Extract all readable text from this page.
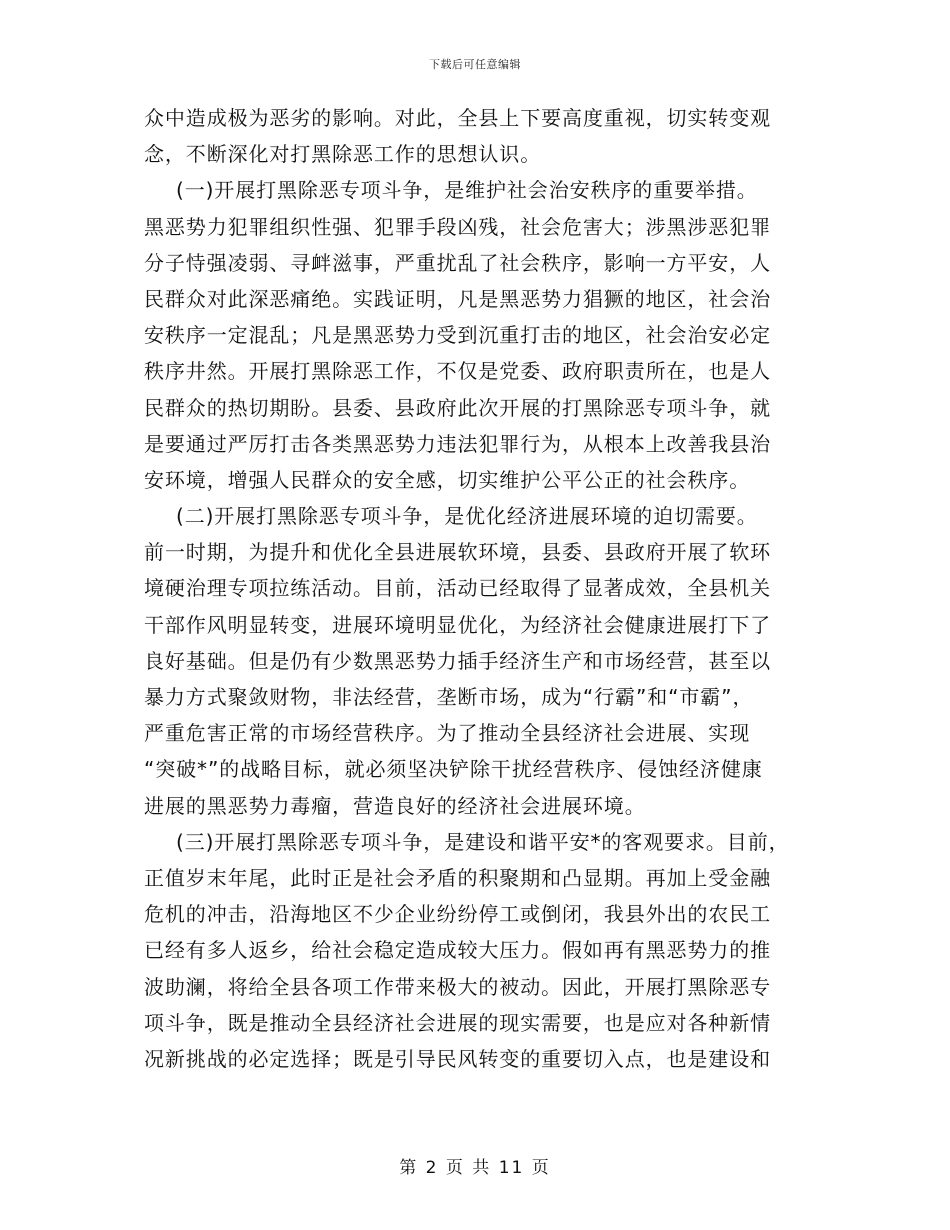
下载后可任意编辑
众中造成极为恶劣的影响。对此，全县上下要高度重视，切实转变观
念，不断深化对打黑除恶工作的思想认识。
(一)开展打黑除恶专项斗争，是维护社会治安秩序的重要举措。
黑恶势力犯罪组织性强、犯罪手段凶残，社会危害大；涉黑涉恶犯罪
分子恃强凌弱、寻衅滋事，严重扰乱了社会秩序，影响一方平安，人
民群众对此深恶痛绝。实践证明，凡是黑恶势力猖獗的地区，社会治
安秩序一定混乱；凡是黑恶势力受到沉重打击的地区，社会治安必定
秩序井然。开展打黑除恶工作，不仅是党委、政府职责所在，也是人
民群众的热切期盼。县委、县政府此次开展的打黑除恶专项斗争，就
是要通过严厉打击各类黑恶势力违法犯罪行为，从根本上改善我县治
安环境，增强人民群众的安全感，切实维护公平公正的社会秩序。
(二)开展打黑除恶专项斗争，是优化经济进展环境的迫切需要。
前一时期，为提升和优化全县进展软环境，县委、县政府开展了软环
境硬治理专项拉练活动。目前，活动已经取得了显著成效，全县机关
干部作风明显转变，进展环境明显优化，为经济社会健康进展打下了
良好基础。但是仍有少数黑恶势力插手经济生产和市场经营，甚至以
暴力方式聚敛财物，非法经营，垄断市场，成为“行霸”和“市霸”，
严重危害正常的市场经营秩序。为了推动全县经济社会进展、实现
“突破*”的战略目标，就必须坚决铲除干扰经营秩序、侵蚀经济健康
进展的黑恶势力毒瘤，营造良好的经济社会进展环境。
(三)开展打黑除恶专项斗争，是建设和谐平安*的客观要求。目前，
正值岁末年尾，此时正是社会矛盾的积聚期和凸显期。再加上受金融
危机的冲击，沿海地区不少企业纷纷停工或倒闭，我县外出的农民工
已经有多人返乡，给社会稳定造成较大压力。假如再有黑恶势力的推
波助澜，将给全县各项工作带来极大的被动。因此，开展打黑除恶专
项斗争，既是推动全县经济社会进展的现实需要，也是应对各种新情
况新挑战的必定选择；既是引导民风转变的重要切入点，也是建设和
第 2 页 共 11 页
